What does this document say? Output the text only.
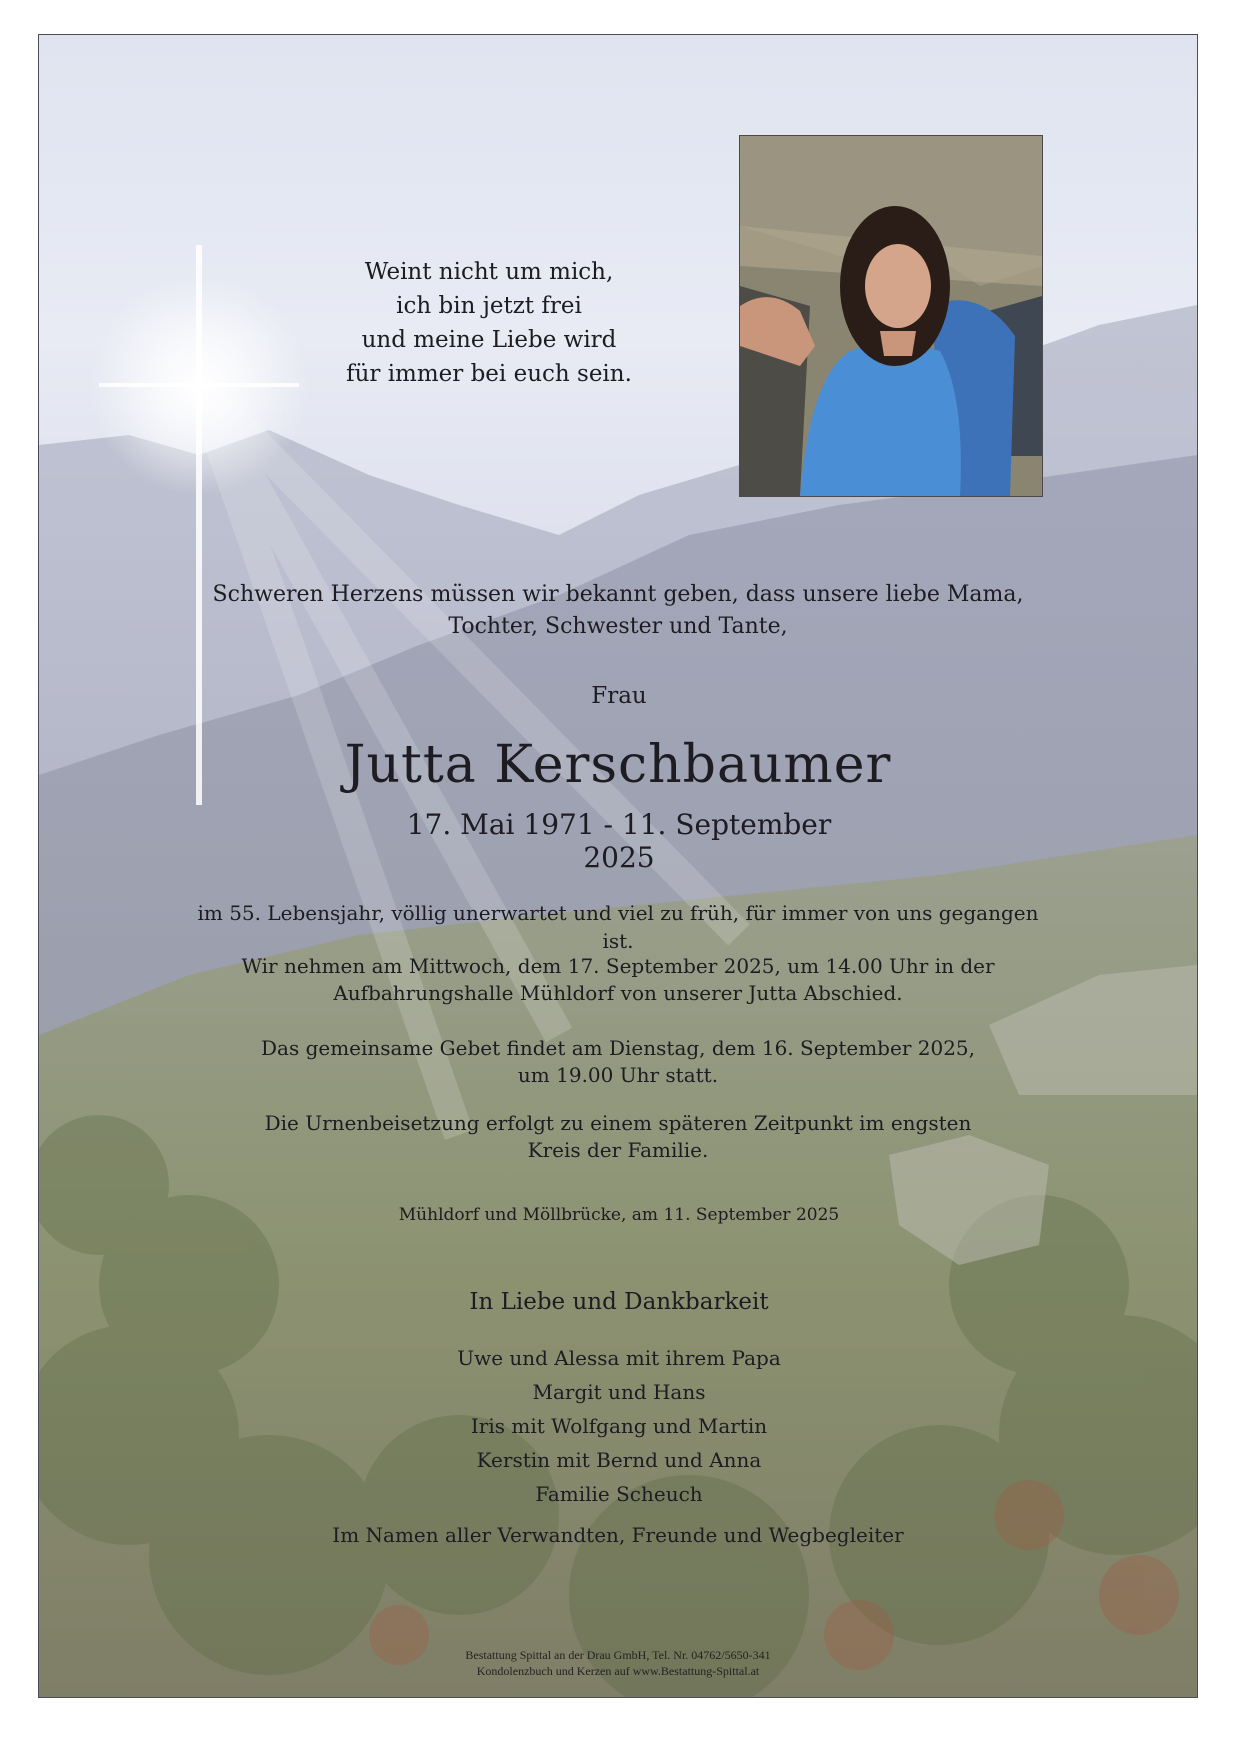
Weint nicht um mich,
ich bin jetzt frei
und meine Liebe wird
für immer bei euch sein.
Schweren Herzens müssen wir bekannt geben, dass unsere liebe Mama,
Tochter, Schwester und Tante,
Frau
Jutta Kerschbaumer
17. Mai 1971 - 11. September 2025
im 55. Lebensjahr, völlig unerwartet und viel zu früh, für immer von uns gegangen ist.
Wir nehmen am Mittwoch, dem 17. September 2025, um 14.00 Uhr in der
Aufbahrungshalle Mühldorf von unserer Jutta Abschied.
Das gemeinsame Gebet findet am Dienstag, dem 16. September 2025,
um 19.00 Uhr statt.
Die Urnenbeisetzung erfolgt zu einem späteren Zeitpunkt im engsten
Kreis der Familie.
Mühldorf und Möllbrücke, am 11. September 2025
In Liebe und Dankbarkeit
Uwe und Alessa mit ihrem Papa
Margit und Hans
Iris mit Wolfgang und Martin
Kerstin mit Bernd und Anna
Familie Scheuch
Im Namen aller Verwandten, Freunde und Wegbegleiter
Bestattung Spittal an der Drau GmbH, Tel. Nr. 04762/5650-341
Kondolenzbuch und Kerzen auf www.Bestattung-Spittal.at
